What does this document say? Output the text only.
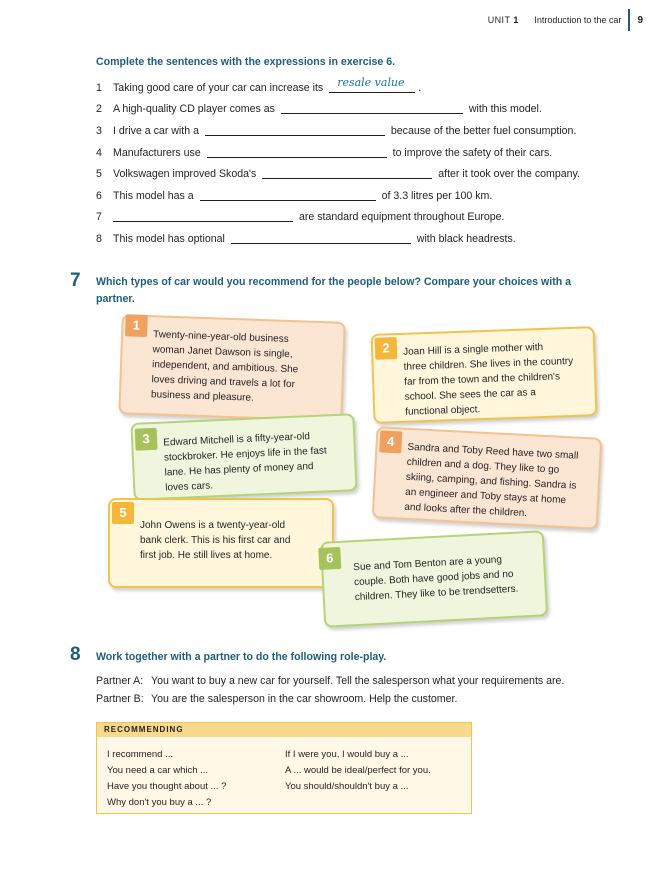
UNIT 1 Introduction to the car 9
Complete the sentences with the expressions in exercise 6.
1 Taking good care of your car can increase its resale value .
2 A high-quality CD player comes as	with this model.
3 I drive a car with a	because of the better fuel consumption.
4 Manufacturers use	to improve the safety of their cars.
5 Volkswagen improved Skoda's	after it took over the company.
6 This model has a	of 3.3 litres per 100 km.
7	are standard equipment throughout Europe.
8 This model has optional	with black headrests.
7 Which types of car would you recommend for the people below? Compare your choices with a
partner.
1
Twenty-nine-year-old business
woman Janet Dawson is single,
independent, and ambitious. She
loves driving and travels a lot for
business and pleasure.
2	Joan Hill is a single mother with
three children. She lives in the country
far from the town and the children's
school. She sees the car as a
functional object.
3	Edward Mitchell is a fifty-year-old
stockbroker. He enjoys life in the fast
lane. He has plenty of money and
loves cars.
4
Sandra and Toby Reed have two small
children and a dog. They like to go
skiing, camping, and fishing. Sandra is
an engineer and Toby stays at home
and looks after the children.
5
John Owens is a twenty-year-old
bank clerk. This is his first car and
first job. He still lives at home.	6	Sue and Tom Benton are a young
couple. Both have good jobs and no
children. They like to be trendsetters.
8 Work together with a partner to do the following role-play.
Partner A: You want to buy a new car for yourself. Tell the salesperson what your requirements are.
Partner B: You are the salesperson in the car showroom. Help the customer.
RECOMMENDING
I recommend ...
You need a car which ...
Have you thought about ... ?
Why don't you buy a ... ?
If I were you, I would buy a ...
A ... would be ideal/perfect for you.
You should/shouldn't buy a ...
